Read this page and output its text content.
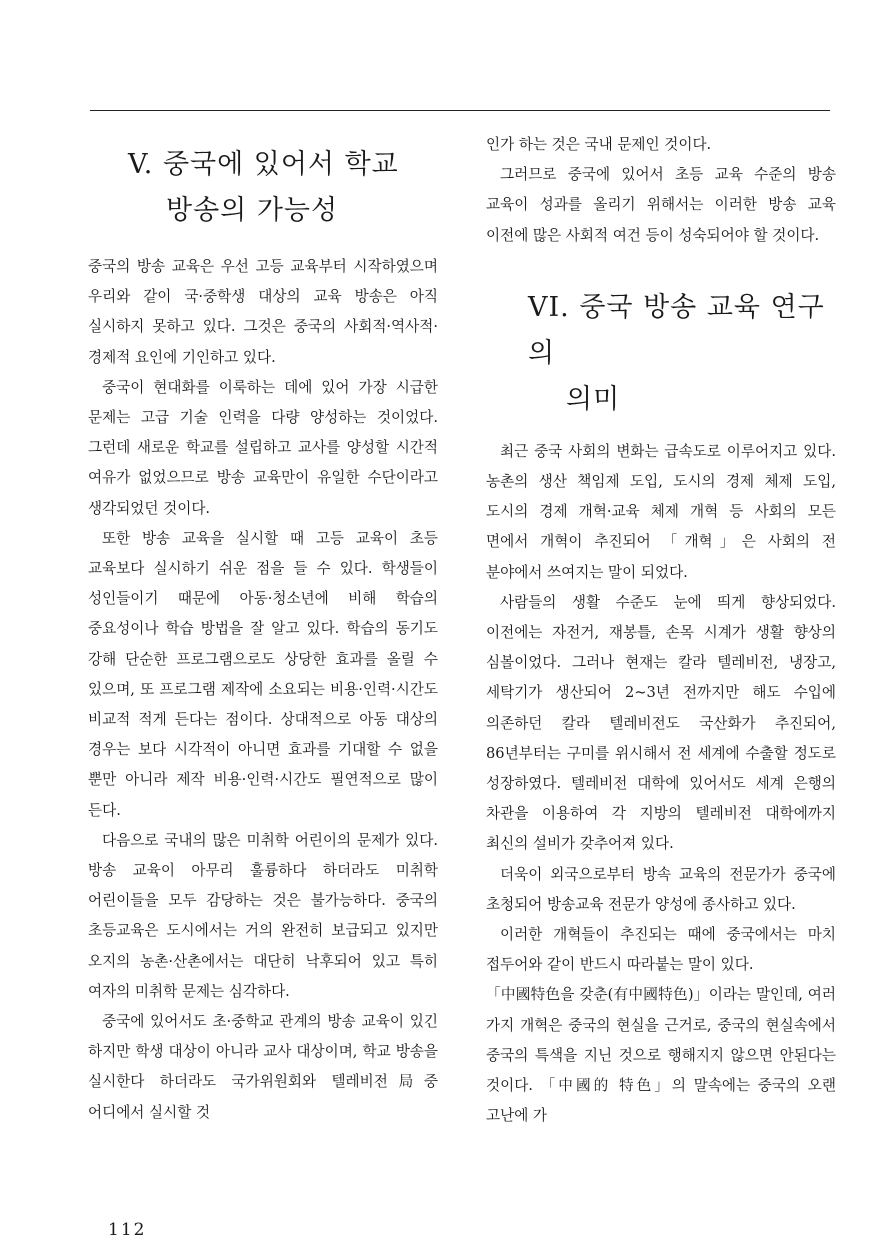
V. 중국에 있어서 학교
방송의 가능성

중국의 방송 교육은 우선 고등 교육부터 시작하였으며 우리와 같이 국·중학생 대상의 교육 방송은 아직 실시하지 못하고 있다. 그것은 중국의 사회적·역사적·경제적 요인에 기인하고 있다.

중국이 현대화를 이룩하는 데에 있어 가장 시급한 문제는 고급 기술 인력을 다량 양성하는 것이었다. 그런데 새로운 학교를 설립하고 교사를 양성할 시간적 여유가 없었으므로 방송 교육만이 유일한 수단이라고 생각되었던 것이다.

또한 방송 교육을 실시할 때 고등 교육이 초등 교육보다 실시하기 쉬운 점을 들 수 있다. 학생들이 성인들이기 때문에 아동·청소년에 비해 학습의 중요성이나 학습 방법을 잘 알고 있다. 학습의 동기도 강해 단순한 프로그램으로도 상당한 효과를 올릴 수 있으며, 또 프로그램 제작에 소요되는 비용·인력·시간도 비교적 적게 든다는 점이다. 상대적으로 아동 대상의 경우는 보다 시각적이 아니면 효과를 기대할 수 없을 뿐만 아니라 제작 비용·인력·시간도 필연적으로 많이 든다.

다음으로 국내의 많은 미취학 어린이의 문제가 있다. 방송 교육이 아무리 훌륭하다 하더라도 미취학 어린이들을 모두 감당하는 것은 불가능하다. 중국의 초등교육은 도시에서는 거의 완전히 보급되고 있지만 오지의 농촌·산촌에서는 대단히 낙후되어 있고 특히 여자의 미취학 문제는 심각하다.

중국에 있어서도 초·중학교 관계의 방송 교육이 있긴 하지만 학생 대상이 아니라 교사 대상이며, 학교 방송을 실시한다 하더라도 국가위원회와 텔레비전局중 어디에서 실시할 것

인가 하는 것은 국내 문제인 것이다.

그러므로 중국에 있어서 초등 교육 수준의 방송 교육이 성과를 올리기 위해서는 이러한 방송 교육 이전에 많은 사회적 여건 등이 성숙되어야 할 것이다.

VI. 중국 방송 교육 연구의
의미

최근 중국 사회의 변화는 급속도로 이루어지고 있다. 농촌의 생산 책임제 도입, 도시의 경제 체제 도입, 도시의 경제 개혁·교육 체제 개혁 등 사회의 모든 면에서 개혁이 추진되어 「개혁」은 사회의 전 분야에서 쓰여지는 말이 되었다.

사람들의 생활 수준도 눈에 띄게 향상되었다. 이전에는 자전거, 재봉틀, 손목 시계가 생활 향상의 심볼이었다. 그러나 현재는 칼라 텔레비전, 냉장고, 세탁기가 생산되어 2~3년 전까지만 해도 수입에 의존하던 칼라 텔레비전도 국산화가 추진되어, 86년부터는 구미를 위시해서 전 세계에 수출할 정도로 성장하였다. 텔레비전 대학에 있어서도 세계 은행의 차관을 이용하여 각 지방의 텔레비전 대학에까지 최신의 설비가 갖추어져 있다.

더욱이 외국으로부터 방속 교육의 전문가가 중국에 초청되어 방송교육 전문가 양성에 종사하고 있다.

이러한 개혁들이 추진되는 때에 중국에서는 마치 접두어와 같이 반드시 따라붙는 말이 있다.

「中國特色을 갖춘(有中國特色)」이라는 말인데, 여러 가지 개혁은 중국의 현실을 근거로, 중국의 현실속에서 중국의 특색을 지닌 것으로 행해지지 않으면 안된다는 것이다. 「中國的 特色」의 말속에는 중국의 오랜 고난에 가

112
